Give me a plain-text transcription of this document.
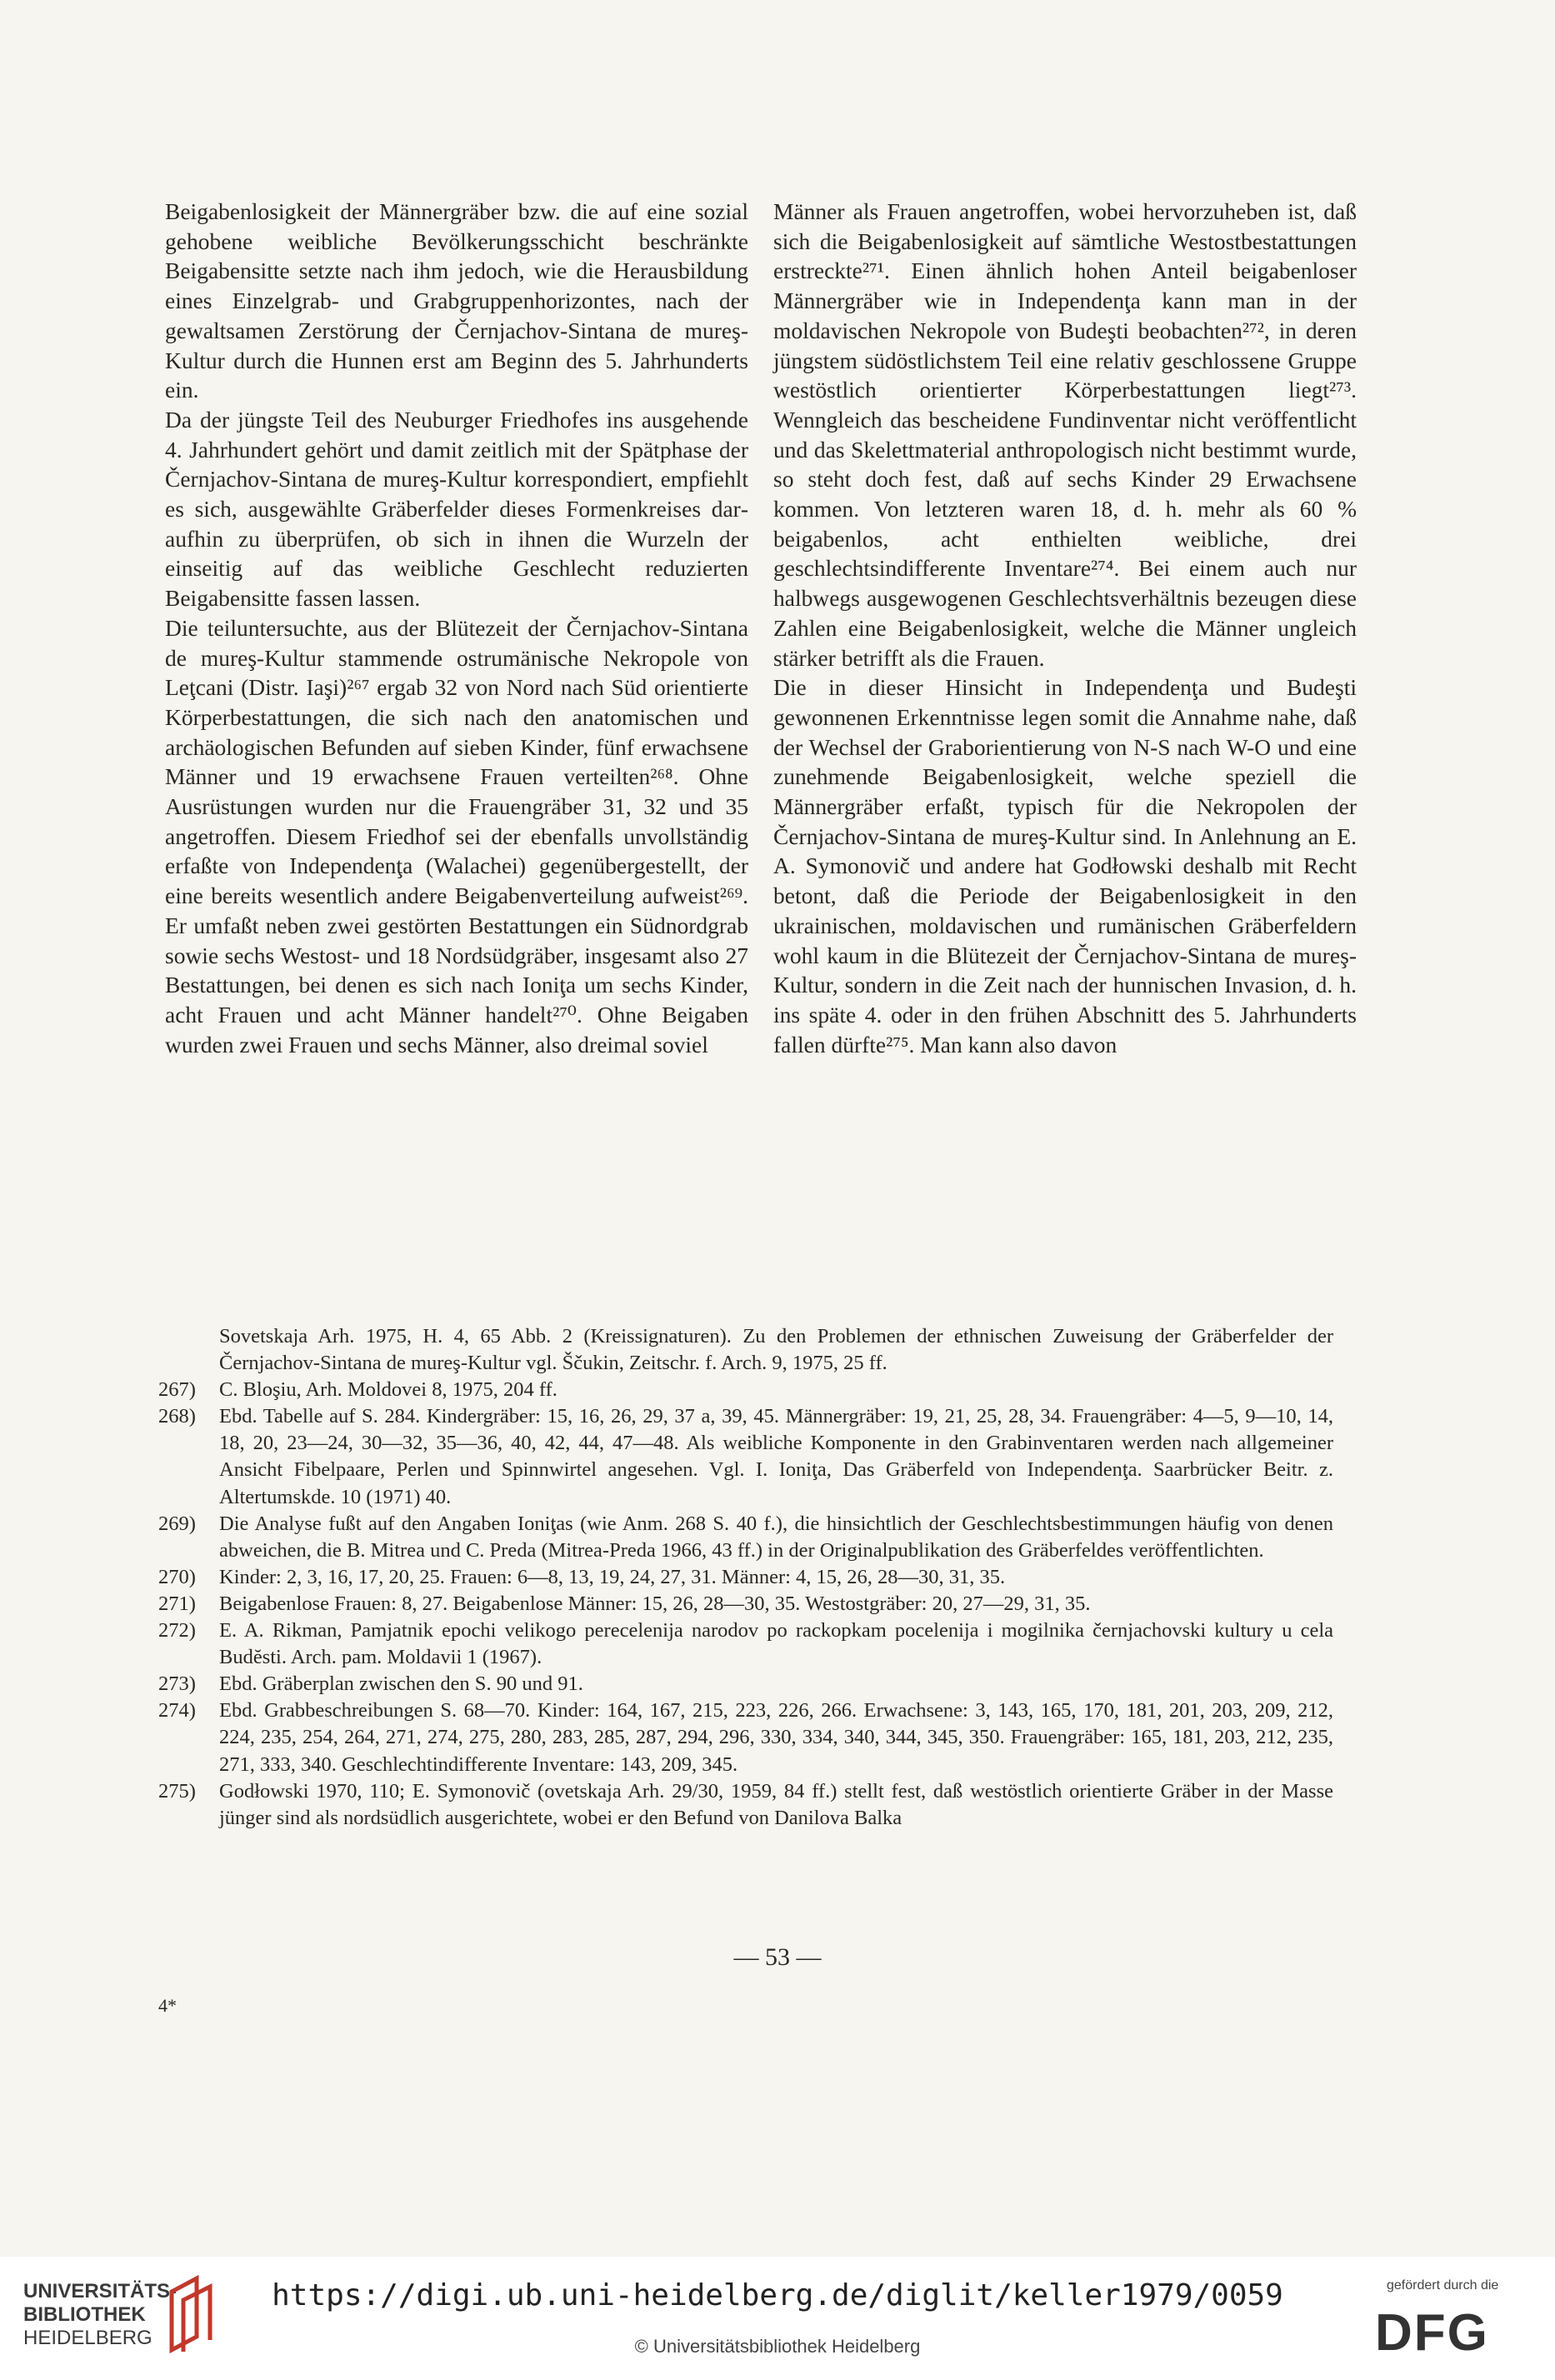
Beigabenlosigkeit der Männergräber bzw. die auf eine sozial gehobene weibliche Bevölkerungsschicht beschränkte Beigabensitte setzte nach ihm jedoch, wie die Herausbildung eines Einzelgrab- und Grabgruppenhorizontes, nach der gewaltsamen Zerstörung der Černjachov-Sintana de mureş-Kultur durch die Hunnen erst am Beginn des 5. Jahrhunderts ein.

Da der jüngste Teil des Neuburger Friedhofes ins ausgehende 4. Jahrhundert gehört und damit zeitlich mit der Spätphase der Černjachov-Sintana de mureş-Kultur korrespondiert, empfiehlt es sich, ausgewählte Gräberfelder dieses Formenkreises daraufhin zu überprüfen, ob sich in ihnen die Wurzeln der einseitig auf das weibliche Geschlecht reduzierten Beigabensitte fassen lassen.

Die teiluntersuchte, aus der Blütezeit der Černjachov-Sintana de mureş-Kultur stammende ostrumänische Nekropole von Leţcani (Distr. Iaşi)²⁶⁷ ergab 32 von Nord nach Süd orientierte Körperbestattungen, die sich nach den anatomischen und archäologischen Befunden auf sieben Kinder, fünf erwachsene Männer und 19 erwachsene Frauen verteilten²⁶⁸. Ohne Ausrüstungen wurden nur die Frauengräber 31, 32 und 35 angetroffen. Diesem Friedhof sei der ebenfalls unvollständig erfaßte von Independenţa (Walachei) gegenübergestellt, der eine bereits wesentlich andere Beigabenverteilung aufweist²⁶⁹. Er umfaßt neben zwei gestörten Bestattungen ein Südnordgrab sowie sechs Westost- und 18 Nordsüdgräber, insgesamt also 27 Bestattungen, bei denen es sich nach Ioniţa um sechs Kinder, acht Frauen und acht Männer handelt²⁷⁰. Ohne Beigaben wurden zwei Frauen und sechs Männer, also dreimal soviel

Männer als Frauen angetroffen, wobei hervorzuheben ist, daß sich die Beigabenlosigkeit auf sämtliche Westostbestattungen erstreckte²⁷¹. Einen ähnlich hohen Anteil beigabenloser Männergräber wie in Independenţa kann man in der moldavischen Nekropole von Budeşti beobachten²⁷², in deren jüngstem südöstlichstem Teil eine relativ geschlossene Gruppe westöstlich orientierter Körperbestattungen liegt²⁷³. Wenngleich das bescheidene Fundinventar nicht veröffentlicht und das Skelettmaterial anthropologisch nicht bestimmt wurde, so steht doch fest, daß auf sechs Kinder 29 Erwachsene kommen. Von letzteren waren 18, d. h. mehr als 60 % beigabenlos, acht enthielten weibliche, drei geschlechtsindifferente Inventare²⁷⁴. Bei einem auch nur halbwegs ausgewogenen Geschlechtsverhältnis bezeugen diese Zahlen eine Beigabenlosigkeit, welche die Männer ungleich stärker betrifft als die Frauen.

Die in dieser Hinsicht in Independenţa und Budeşti gewonnenen Erkenntnisse legen somit die Annahme nahe, daß der Wechsel der Graborientierung von N-S nach W-O und eine zunehmende Beigabenlosigkeit, welche speziell die Männergräber erfaßt, typisch für die Nekropolen der Černjachov-Sintana de mureş-Kultur sind. In Anlehnung an E. A. Symonovič und andere hat Godłowski deshalb mit Recht betont, daß die Periode der Beigabenlosigkeit in den ukrainischen, moldavischen und rumänischen Gräberfeldern wohl kaum in die Blütezeit der Černjachov-Sintana de mureş-Kultur, sondern in die Zeit nach der hunnischen Invasion, d. h. ins späte 4. oder in den frühen Abschnitt des 5. Jahrhunderts fallen dürfte²⁷⁵. Man kann also davon

Sovetskaja Arh. 1975, H. 4, 65 Abb. 2 (Kreissignaturen). Zu den Problemen der ethnischen Zuweisung der Gräberfelder der Černjachov-Sintana de mureş-Kultur vgl. Ščukin, Zeitschr. f. Arch. 9, 1975, 25 ff.

267) C. Bloşiu, Arh. Moldovei 8, 1975, 204 ff.

268) Ebd. Tabelle auf S. 284. Kindergräber: 15, 16, 26, 29, 37 a, 39, 45. Männergräber: 19, 21, 25, 28, 34. Frauengräber: 4—5, 9—10, 14, 18, 20, 23—24, 30—32, 35—36, 40, 42, 44, 47—48. Als weibliche Komponente in den Grabinventaren werden nach allgemeiner Ansicht Fibelpaare, Perlen und Spinnwirtel angesehen. Vgl. I. Ioniţa, Das Gräberfeld von Independenţa. Saarbrücker Beitr. z. Altertumskde. 10 (1971) 40.

269) Die Analyse fußt auf den Angaben Ioniţas (wie Anm. 268 S. 40 f.), die hinsichtlich der Geschlechtsbestimmungen häufig von denen abweichen, die B. Mitrea und C. Preda (Mitrea-Preda 1966, 43 ff.) in der Originalpublikation des Gräberfeldes veröffentlichten.

270) Kinder: 2, 3, 16, 17, 20, 25. Frauen: 6—8, 13, 19, 24, 27, 31. Männer: 4, 15, 26, 28—30, 31, 35.

271) Beigabenlose Frauen: 8, 27. Beigabenlose Männer: 15, 26, 28—30, 35. Westostgräber: 20, 27—29, 31, 35.

272) E. A. Rikman, Pamjatnik epochi velikogo perecelenija narodov po rackopkam pocelenija i mogilnika černjachovski kultury u cela Budĕsti. Arch. pam. Moldavii 1 (1967).

273) Ebd. Gräberplan zwischen den S. 90 und 91.

274) Ebd. Grabbeschreibungen S. 68—70. Kinder: 164, 167, 215, 223, 226, 266. Erwachsene: 3, 143, 165, 170, 181, 201, 203, 209, 212, 224, 235, 254, 264, 271, 274, 275, 280, 283, 285, 287, 294, 296, 330, 334, 340, 344, 345, 350. Frauengräber: 165, 181, 203, 212, 235, 271, 333, 340. Geschlechtindifferente Inventare: 143, 209, 345.

275) Godłowski 1970, 110; E. Symonovič (ovetskaja Arh. 29/30, 1959, 84 ff.) stellt fest, daß westöstlich orientierte Gräber in der Masse jünger sind als nordsüdlich ausgerichtete, wobei er den Befund von Danilova Balka

— 53 —
4*
UNIVERSITÄTS-
BIBLIOTHEK
HEIDELBERG
https://digi.ub.uni-heidelberg.de/diglit/keller1979/0059
© Universitätsbibliothek Heidelberg
gefördert durch die
DFG
